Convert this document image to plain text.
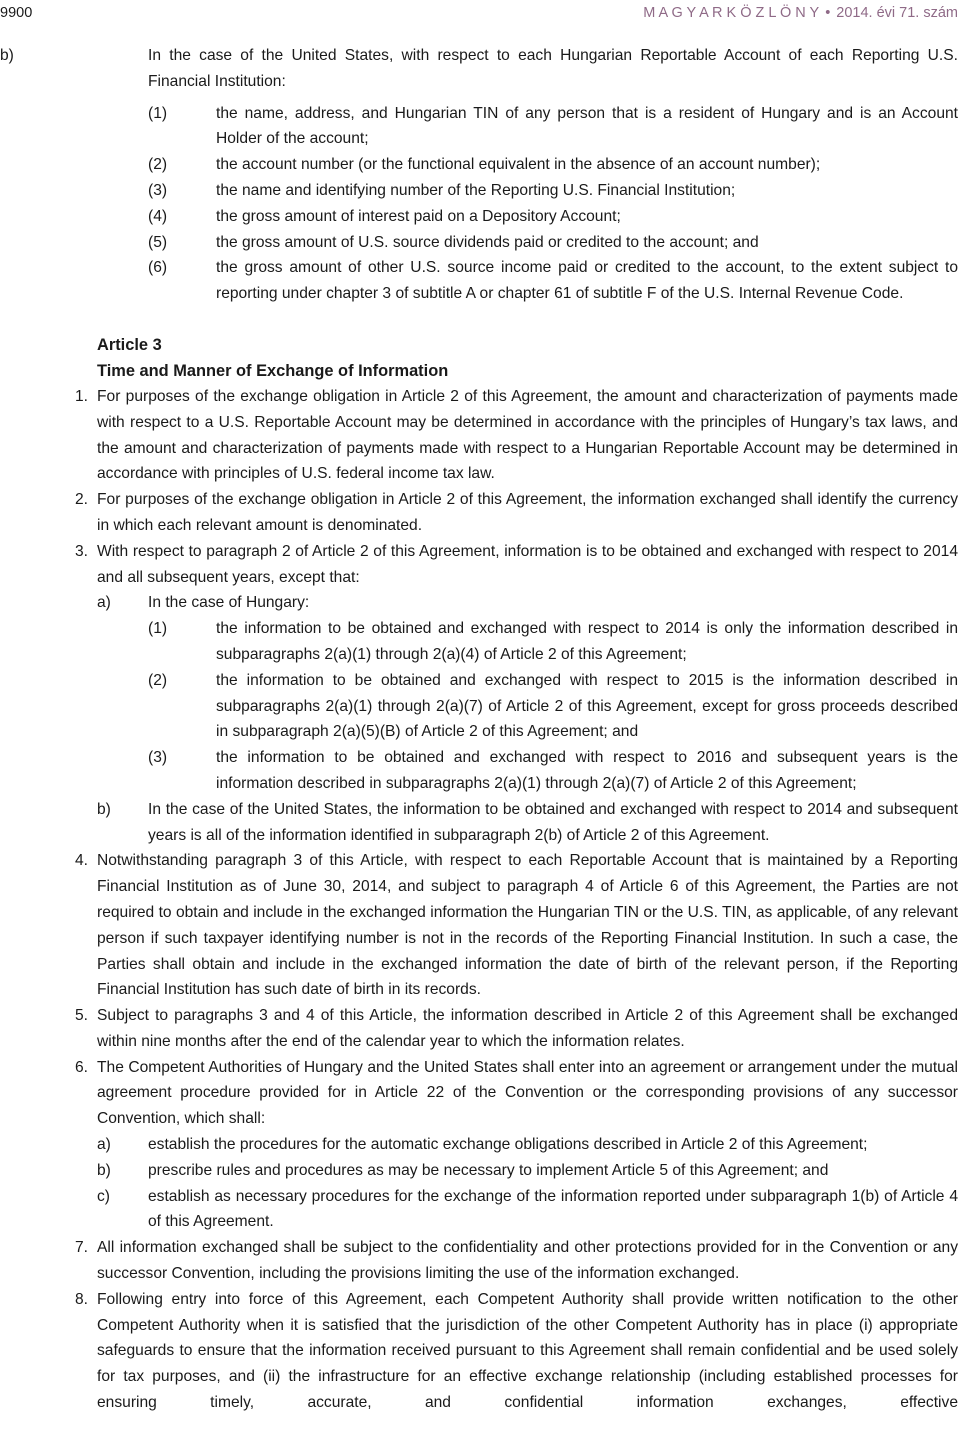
9900	M A G Y A R K Ö Z L Ö N Y • 2014. évi 71. szám
b)	In the case of the United States, with respect to each Hungarian Reportable Account of each Reporting U.S. Financial Institution:
(1)	the name, address, and Hungarian TIN of any person that is a resident of Hungary and is an Account Holder of the account;
(2)	the account number (or the functional equivalent in the absence of an account number);
(3)	the name and identifying number of the Reporting U.S. Financial Institution;
(4)	the gross amount of interest paid on a Depository Account;
(5)	the gross amount of U.S. source dividends paid or credited to the account; and
(6)	the gross amount of other U.S. source income paid or credited to the account, to the extent subject to reporting under chapter 3 of subtitle A or chapter 61 of subtitle F of the U.S. Internal Revenue Code.
Article 3
Time and Manner of Exchange of Information
1. For purposes of the exchange obligation in Article 2 of this Agreement, the amount and characterization of payments made with respect to a U.S. Reportable Account may be determined in accordance with the principles of Hungary’s tax laws, and the amount and characterization of payments made with respect to a Hungarian Reportable Account may be determined in accordance with principles of U.S. federal income tax law.
2. For purposes of the exchange obligation in Article 2 of this Agreement, the information exchanged shall identify the currency in which each relevant amount is denominated.
3. With respect to paragraph 2 of Article 2 of this Agreement, information is to be obtained and exchanged with respect to 2014 and all subsequent years, except that:
a) In the case of Hungary:
(1)	the information to be obtained and exchanged with respect to 2014 is only the information described in subparagraphs 2(a)(1) through 2(a)(4) of Article 2 of this Agreement;
(2)	the information to be obtained and exchanged with respect to 2015 is the information described in subparagraphs 2(a)(1) through 2(a)(7) of Article 2 of this Agreement, except for gross proceeds described in subparagraph 2(a)(5)(B) of Article 2 of this Agreement; and
(3)	the information to be obtained and exchanged with respect to 2016 and subsequent years is the information described in subparagraphs 2(a)(1) through 2(a)(7) of Article 2 of this Agreement;
b) In the case of the United States, the information to be obtained and exchanged with respect to 2014 and subsequent years is all of the information identified in subparagraph 2(b) of Article 2 of this Agreement.
4. Notwithstanding paragraph 3 of this Article, with respect to each Reportable Account that is maintained by a Reporting Financial Institution as of June 30, 2014, and subject to paragraph 4 of Article 6 of this Agreement, the Parties are not required to obtain and include in the exchanged information the Hungarian TIN or the U.S. TIN, as applicable, of any relevant person if such taxpayer identifying number is not in the records of the Reporting Financial Institution. In such a case, the Parties shall obtain and include in the exchanged information the date of birth of the relevant person, if the Reporting Financial Institution has such date of birth in its records.
5. Subject to paragraphs 3 and 4 of this Article, the information described in Article 2 of this Agreement shall be exchanged within nine months after the end of the calendar year to which the information relates.
6. The Competent Authorities of Hungary and the United States shall enter into an agreement or arrangement under the mutual agreement procedure provided for in Article 22 of the Convention or the corresponding provisions of any successor Convention, which shall:
a) establish the procedures for the automatic exchange obligations described in Article 2 of this Agreement;
b) prescribe rules and procedures as may be necessary to implement Article 5 of this Agreement; and
c) establish as necessary procedures for the exchange of the information reported under subparagraph 1(b) of Article 4 of this Agreement.
7. All information exchanged shall be subject to the confidentiality and other protections provided for in the Convention or any successor Convention, including the provisions limiting the use of the information exchanged.
8. Following entry into force of this Agreement, each Competent Authority shall provide written notification to the other Competent Authority when it is satisfied that the jurisdiction of the other Competent Authority has in place (i) appropriate safeguards to ensure that the information received pursuant to this Agreement shall remain confidential and be used solely for tax purposes, and (ii) the infrastructure for an effective exchange relationship (including established processes for ensuring timely, accurate, and confidential information exchanges, effective
